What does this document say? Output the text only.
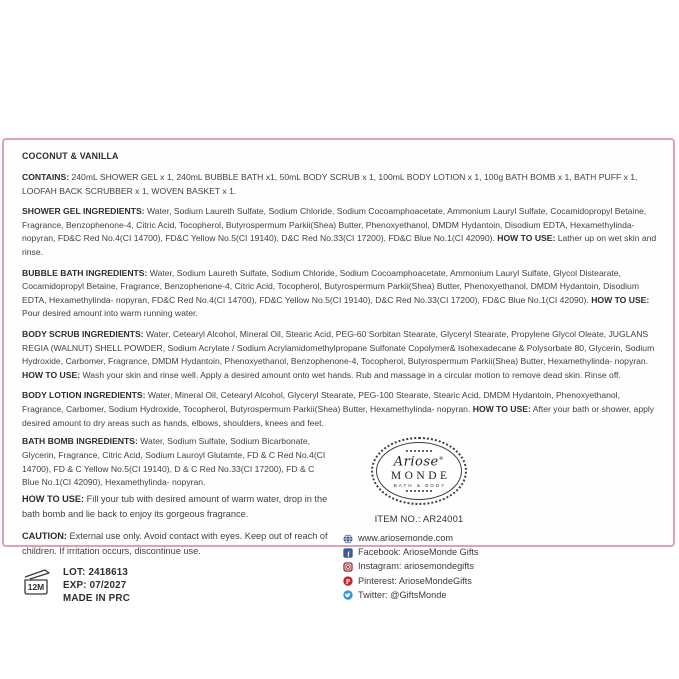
COCONUT & VANILLA

CONTAINS: 240mL SHOWER GEL x 1, 240mL BUBBLE BATH x1, 50mL BODY SCRUB x 1, 100mL BODY LOTION x 1, 100g BATH BOMB x 1, BATH PUFF x 1, LOOFAH BACK SCRUBBER x 1, WOVEN BASKET x 1.

SHOWER GEL INGREDIENTS: Water, Sodium Laureth Sulfate, Sodium Chloride, Sodium Cocoamphoacetate, Ammonium Lauryl Sulfate, Cocamidopropyl Betaine, Fragrance, Benzophenone-4, Citric Acid, Tocopherol, Butyrospermum Parkii(Shea) Butter, Phenoxyethanol, DMDM Hydantoin, Disodium EDTA, Hexamethylinda- nopyran, FD&C Red No.4(CI 14700), FD&C Yellow No.5(CI 19140), D&C Red No.33(CI 17200), FD&C Blue No.1(CI 42090). HOW TO USE: Lather up on wet skin and rinse.

BUBBLE BATH INGREDIENTS: Water, Sodium Laureth Sulfate, Sodium Chloride, Sodium Cocoamphoacetate, Ammonium Lauryl Sulfate, Glycol Distearate, Cocamidopropyl Betaine, Fragrance, Benzophenone-4, Citric Acid, Tocopherol, Butyrospermum Parkii(Shea) Butter, Phenoxyethanol, DMDM Hydantoin, Disodium EDTA, Hexamethylinda- nopyran, FD&C Red No.4(CI 14700), FD&C Yellow No.5(CI 19140), D&C Red No.33(CI 17200), FD&C Blue No.1(CI 42090). HOW TO USE: Pour desired amount into warm running water.

BODY SCRUB INGREDIENTS: Water, Cetearyl Alcohol, Mineral Oil, Stearic Acid, PEG-60 Sorbitan Stearate, Glyceryl Stearate, Propylene Glycol Oleate, JUGLANS REGIA (WALNUT) SHELL POWDER, Sodium Acrylate / Sodium Acrylamidomethylpropane Sulfonate Copolymer& Isohexadecane & Polysorbate 80, Glycerin, Sodium Hydroxide, Carbomer, Fragrance, DMDM Hydantoin, Phenoxyethanol, Benzophenone-4, Tocopherol, Butyrospermum Parkii(Shea) Butter, Hexamethylinda- nopyran. HOW TO USE: Wash your skin and rinse well. Apply a desired amount onto wet hands. Rub and massage in a circular motion to remove dead skin. Rinse off.

BODY LOTION INGREDIENTS: Water, Mineral Oil, Cetearyl Alcohol, Glyceryl Stearate, PEG-100 Stearate, Stearic Acid, DMDM Hydantoin, Phenoxyethanol, Fragrance, Carbomer, Sodium Hydroxide, Tocopherol, Butyrospermum Parkii(Shea) Butter, Hexamethylinda- nopyran. HOW TO USE: After your bath or shower, apply desired amount to dry areas such as hands, elbows, shoulders, knees and feet.

BATH BOMB INGREDIENTS: Water, Sodium Sulfate, Sodium Bicarbonate, Glycerin, Fragrance, Citric Acid, Sodium Lauroyl Glutamte, FD & C Red No.4(CI 14700), FD & C Yellow No.5(CI 19140), D & C Red No.33(CI 17200), FD & C Blue No.1(CI 42090), Hexamethylinda- nopyran.

HOW TO USE: Fill your tub with desired amount of warm water, drop in the bath bomb and lie back to enjoy its gorgeous fragrance.

CAUTION: External use only. Avoid contact with eyes. Keep out of reach of children. If irritation occurs, discontinue use.

12M
LOT: 2418613
EXP: 07/2027
MADE IN PRC
Ariose®
MONDE
BATH & BODY
ITEM NO.: AR24001
www.ariosemonde.com
f Facebook: ArioseMonde Gifts
Instagram: ariosemondegifts
P Pinterest: ArioseMondeGifts
Twitter: @GiftsMonde
